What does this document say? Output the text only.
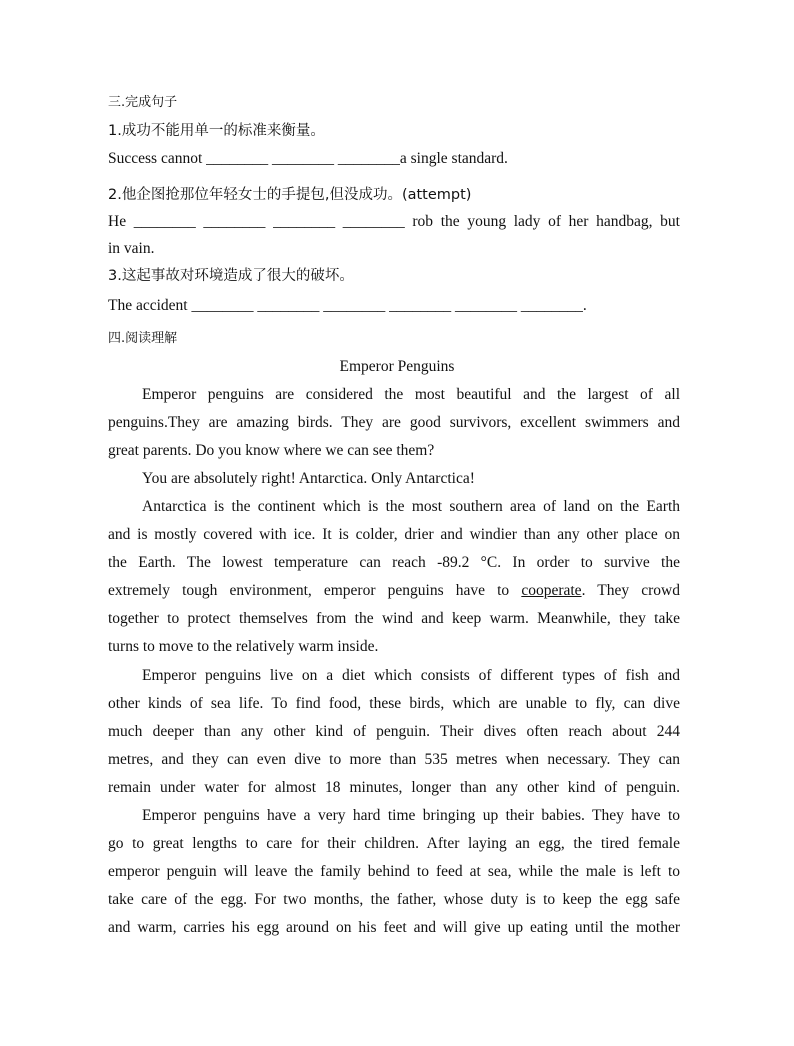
三.完成句子
1.成功不能用单一的标准来衡量。
Success cannot ________ ________ ________a single standard.
2.他企图抢那位年轻女士的手提包,但没成功。(attempt)
He ________ ________ ________ ________ rob the young lady of her handbag, but
in vain.
3.这起事故对环境造成了很大的破坏。
The accident ________ ________ ________ ________ ________ ________.
四.阅读理解
Emperor Penguins
Emperor penguins are considered the most beautiful and the largest of all
penguins.They are amazing birds. They are good survivors, excellent swimmers and
great parents. Do you know where we can see them?
You are absolutely right! Antarctica. Only Antarctica!
Antarctica is the continent which is the most southern area of land on the Earth
and is mostly covered with ice. It is colder, drier and windier than any other place on
the Earth. The lowest temperature can reach -89.2 °C. In order to survive the
extremely tough environment, emperor penguins have to cooperate. They crowd
together to protect themselves from the wind and keep warm. Meanwhile, they take
turns to move to the relatively warm inside.
Emperor penguins live on a diet which consists of different types of fish and
other kinds of sea life. To find food, these birds, which are unable to fly, can dive
much deeper than any other kind of penguin. Their dives often reach about 244
metres, and they can even dive to more than 535 metres when necessary. They can
remain under water for almost 18 minutes, longer than any other kind of penguin.
Emperor penguins have a very hard time bringing up their babies. They have to
go to great lengths to care for their children. After laying an egg, the tired female
emperor penguin will leave the family behind to feed at sea, while the male is left to
take care of the egg. For two months, the father, whose duty is to keep the egg safe
and warm, carries his egg around on his feet and will give up eating until the mother
